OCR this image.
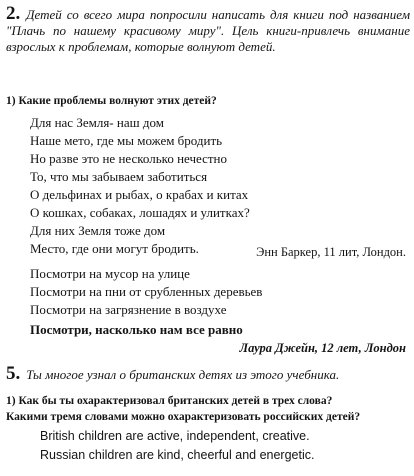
2. Детей со всего мира попросили написать для книги под названием "Плачь по нашему красивому миру". Цель книги-привлечь внимание взрослых к проблемам, которые волнуют детей.
1) Какие проблемы волнуют этих детей?
Для нас Земля- наш дом
Наше мето, где мы можем бродить
Но разве это не несколько нечестно
То, что мы забываем заботиться
О дельфинах и рыбах, о крабах и китах
О кошках, собаках, лошадях и улитках?
Для них Земля тоже дом
Место, где они могут бродить.	Энн Баркер, 11 лит, Лондон.
Посмотри на мусор на улице
Посмотри на пни от срубленных деревьев
Посмотри на загрязнение в воздухе
Посмотри, насколько нам все равно
Лаура Джейн, 12 лет, Лондон
5. Ты многое узнал о британских детях из этого учебника.
1) Как бы ты охарактеризовал британских детей в трех слова?
Какими тремя словами можно охарактеризовать российских детей?
British children are active, independent, creative.
Russian children are kind, cheerful and energetic.
